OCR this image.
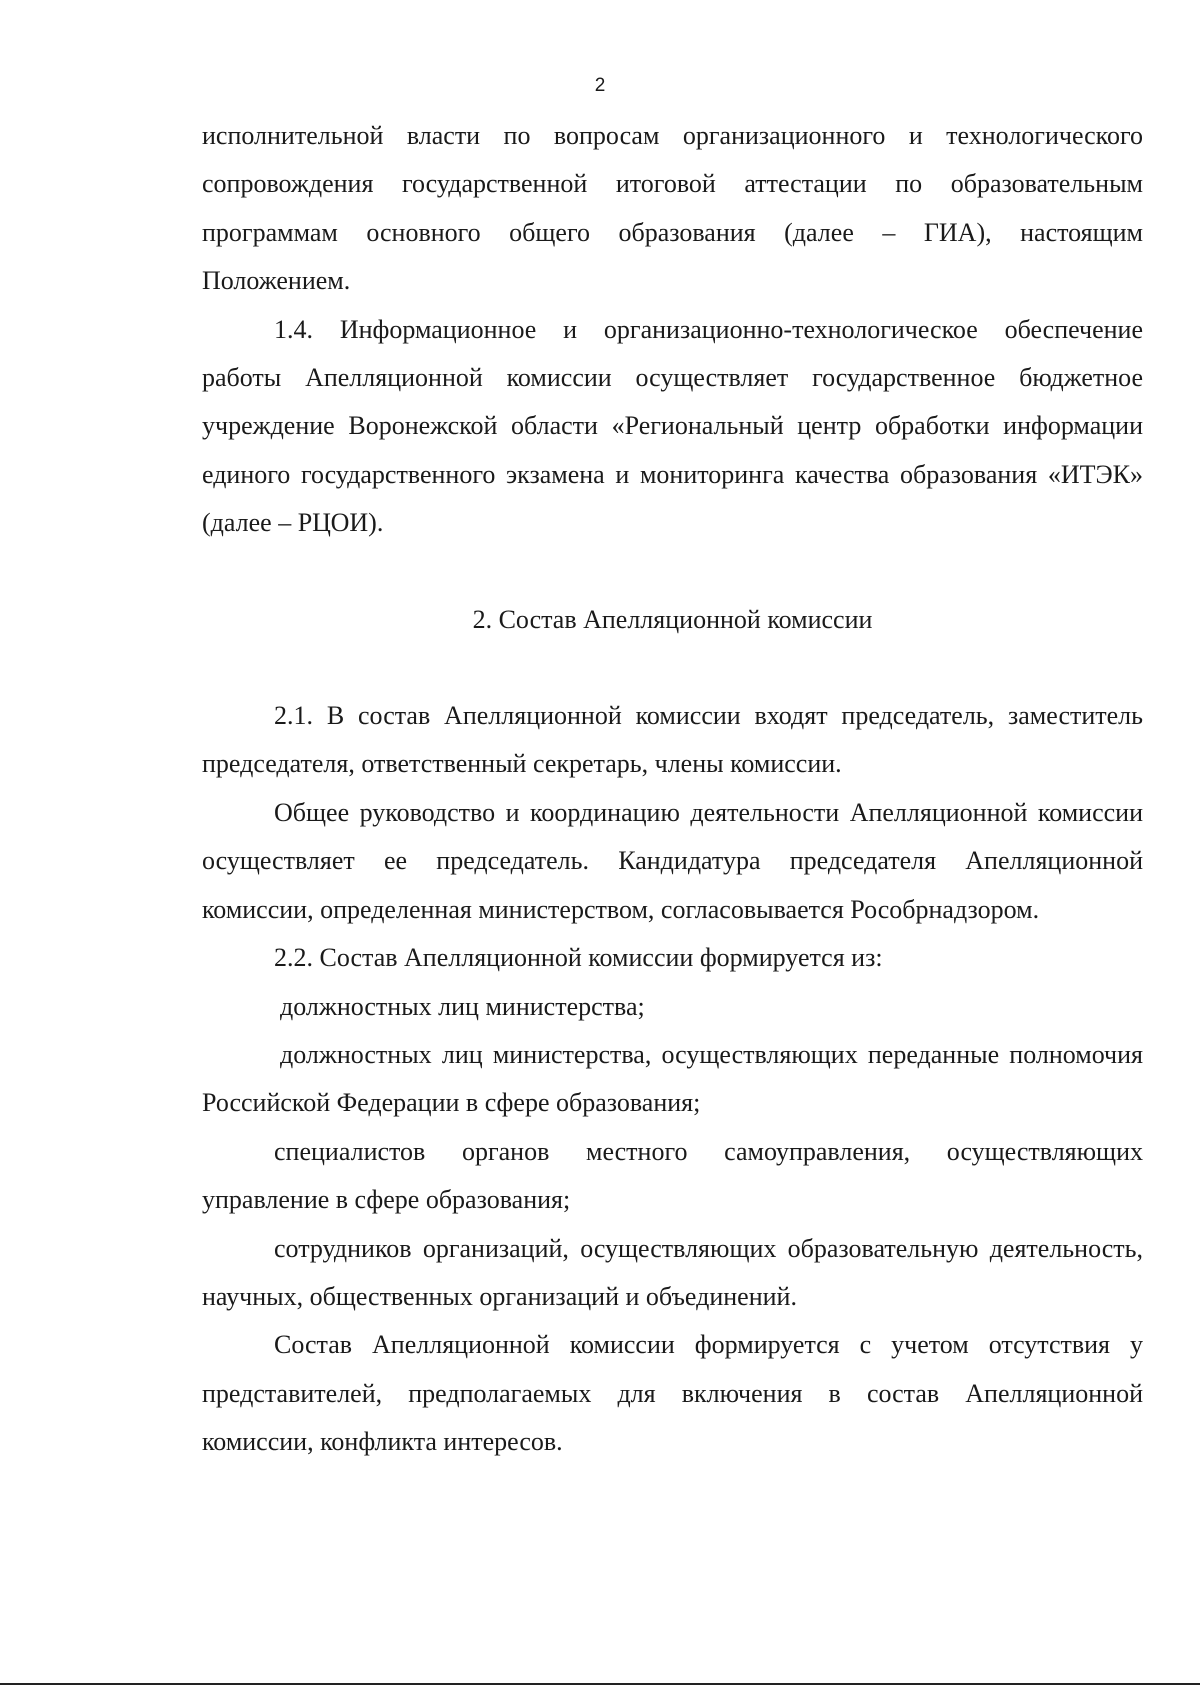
2

исполнительной власти по вопросам организационного и технологического сопровождения государственной итоговой аттестации по образовательным программам основного общего образования (далее – ГИА), настоящим Положением.

1.4. Информационное и организационно-технологическое обеспечение работы Апелляционной комиссии осуществляет государственное бюджетное учреждение Воронежской области «Региональный центр обработки информации единого государственного экзамена и мониторинга качества образования «ИТЭК» (далее – РЦОИ).

2. Состав Апелляционной комиссии

2.1. В состав Апелляционной комиссии входят председатель, заместитель председателя, ответственный секретарь, члены комиссии.

Общее руководство и координацию деятельности Апелляционной комиссии осуществляет ее председатель. Кандидатура председателя Апелляционной комиссии, определенная министерством, согласовывается Рособрнадзором.

2.2. Состав Апелляционной комиссии формируется из:

должностных лиц министерства;

должностных лиц министерства, осуществляющих переданные полномочия Российской Федерации в сфере образования;

специалистов органов местного самоуправления, осуществляющих управление в сфере образования;

сотрудников организаций, осуществляющих образовательную деятельность, научных, общественных организаций и объединений.

Состав Апелляционной комиссии формируется с учетом отсутствия у представителей, предполагаемых для включения в состав Апелляционной комиссии, конфликта интересов.
